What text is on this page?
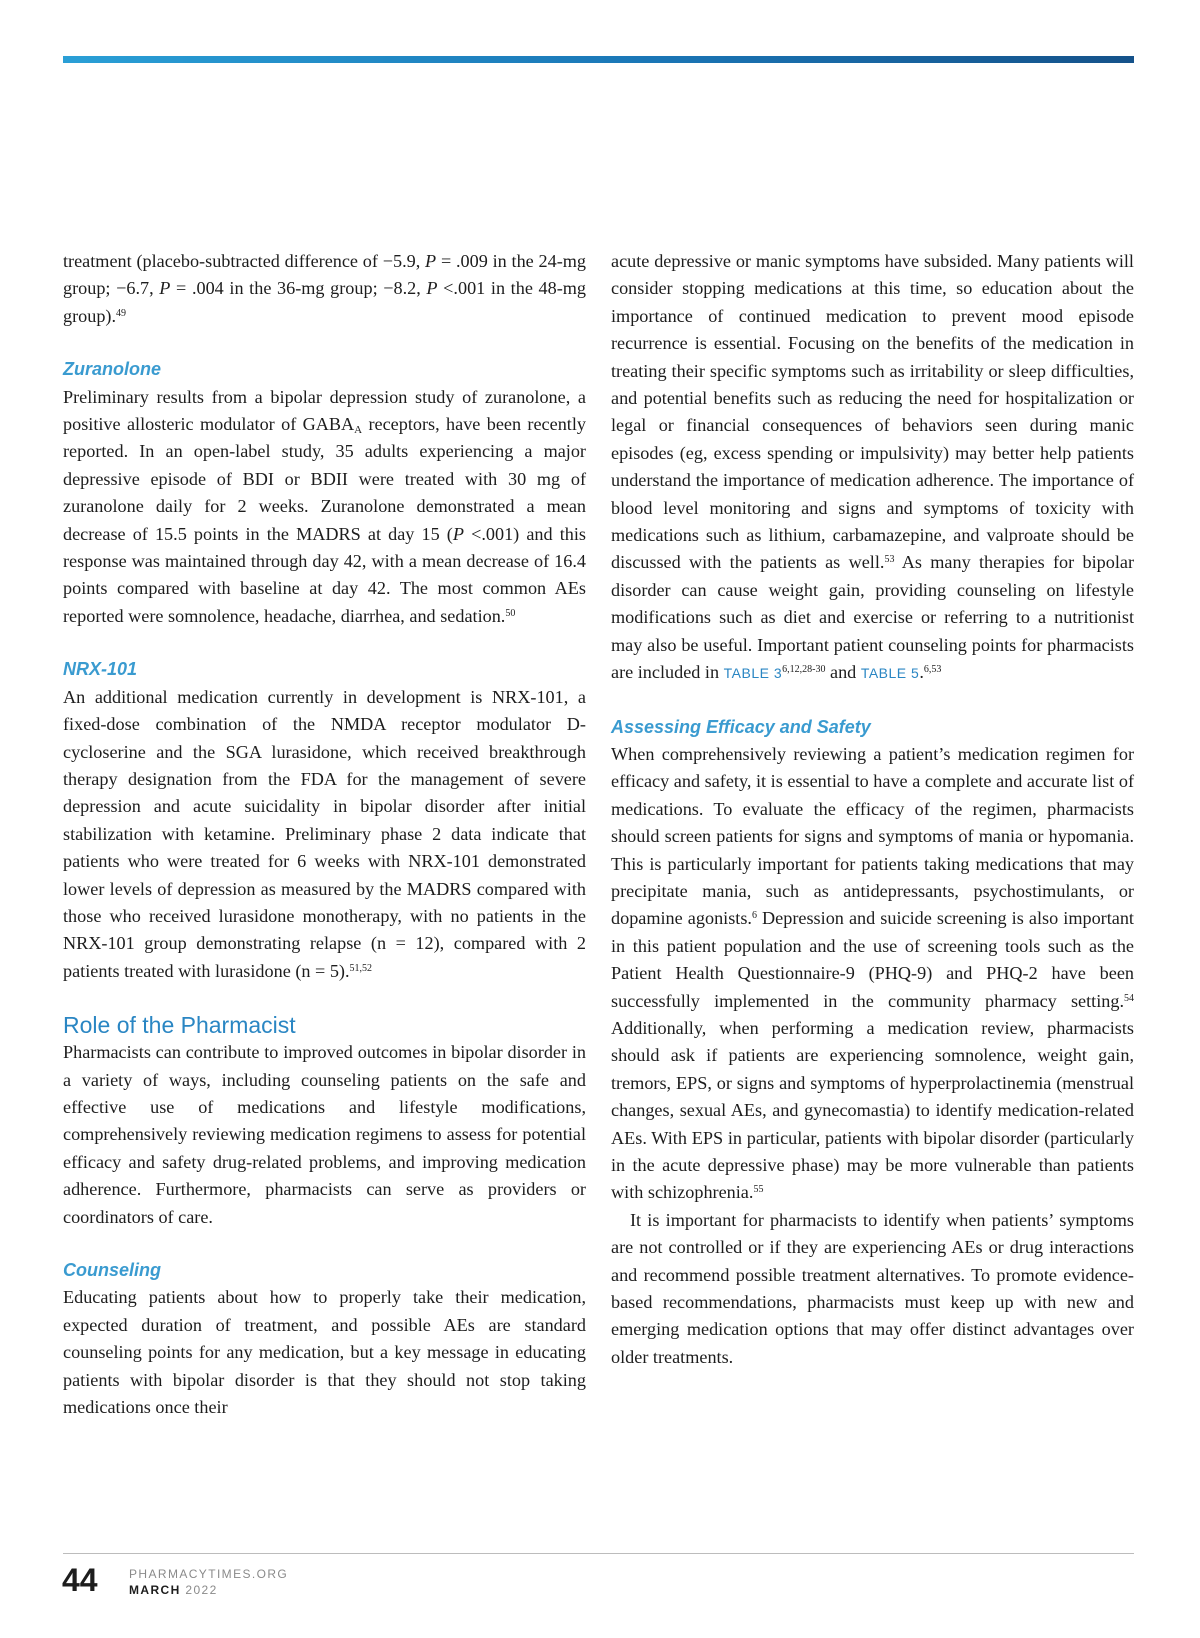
treatment (placebo-subtracted difference of −5.9, P = .009 in the 24-mg group; −6.7, P = .004 in the 36-mg group; −8.2, P <.001 in the 48-mg group).$^{49}$

Zuranolone

Preliminary results from a bipolar depression study of zuranolone, a positive allosteric modulator of $GABA_A$ receptors, have been recently reported. In an open-label study, 35 adults experiencing a major depressive episode of BDI or BDII were treated with 30 mg of zuranolone daily for 2 weeks. Zuranolone demonstrated a mean decrease of 15.5 points in the MADRS at day 15 (P <.001) and this response was maintained through day 42, with a mean decrease of 16.4 points compared with baseline at day 42. The most common AEs reported were somnolence, headache, diarrhea, and sedation.$^{50}$

NRX-101

An additional medication currently in development is NRX-101, a fixed-dose combination of the NMDA receptor modulator D-cycloserine and the SGA lurasidone, which received breakthrough therapy designation from the FDA for the management of severe depression and acute suicidality in bipolar disorder after initial stabilization with ketamine. Preliminary phase 2 data indicate that patients who were treated for 6 weeks with NRX-101 demonstrated lower levels of depression as measured by the MADRS compared with those who received lurasidone monotherapy, with no patients in the NRX-101 group demonstrating relapse (n = 12), compared with 2 patients treated with lurasidone (n = 5).$^{51,52}$

Role of the Pharmacist

Pharmacists can contribute to improved outcomes in bipolar disorder in a variety of ways, including counseling patients on the safe and effective use of medications and lifestyle modifications, comprehensively reviewing medication regimens to assess for potential efficacy and safety drug-related problems, and improving medication adherence. Furthermore, pharmacists can serve as providers or coordinators of care.

Counseling

Educating patients about how to properly take their medication, expected duration of treatment, and possible AEs are standard counseling points for any medication, but a key message in educating patients with bipolar disorder is that they should not stop taking medications once their

acute depressive or manic symptoms have subsided. Many patients will consider stopping medications at this time, so education about the importance of continued medication to prevent mood episode recurrence is essential. Focusing on the benefits of the medication in treating their specific symptoms such as irritability or sleep difficulties, and potential benefits such as reducing the need for hospitalization or legal or financial consequences of behaviors seen during manic episodes (eg, excess spending or impulsivity) may better help patients understand the importance of medication adherence. The importance of blood level monitoring and signs and symptoms of toxicity with medications such as lithium, carbamazepine, and valproate should be discussed with the patients as well.$^{53}$ As many therapies for bipolar disorder can cause weight gain, providing counseling on lifestyle modifications such as diet and exercise or referring to a nutritionist may also be useful. Important patient counseling points for pharmacists are included in TABLE 3$^{6,12,28-30}$ and TABLE 5.$^{6,53}$

Assessing Efficacy and Safety

When comprehensively reviewing a patient’s medication regimen for efficacy and safety, it is essential to have a complete and accurate list of medications. To evaluate the efficacy of the regimen, pharmacists should screen patients for signs and symptoms of mania or hypomania. This is particularly important for patients taking medications that may precipitate mania, such as antidepressants, psychostimulants, or dopamine agonists.$^6$ Depression and suicide screening is also important in this patient population and the use of screening tools such as the Patient Health Questionnaire-9 (PHQ-9) and PHQ-2 have been successfully implemented in the community pharmacy setting.$^{54}$ Additionally, when performing a medication review, pharmacists should ask if patients are experiencing somnolence, weight gain, tremors, EPS, or signs and symptoms of hyperprolactinemia (menstrual changes, sexual AEs, and gynecomastia) to identify medication-related AEs. With EPS in particular, patients with bipolar disorder (particularly in the acute depressive phase) may be more vulnerable than patients with schizophrenia.$^{55}$

It is important for pharmacists to identify when patients’ symptoms are not controlled or if they are experiencing AEs or drug interactions and recommend possible treatment alternatives. To promote evidence-based recommendations, pharmacists must keep up with new and emerging medication options that may offer distinct advantages over older treatments.

44	PHARMACYTIMES.ORG
MARCH 2022
